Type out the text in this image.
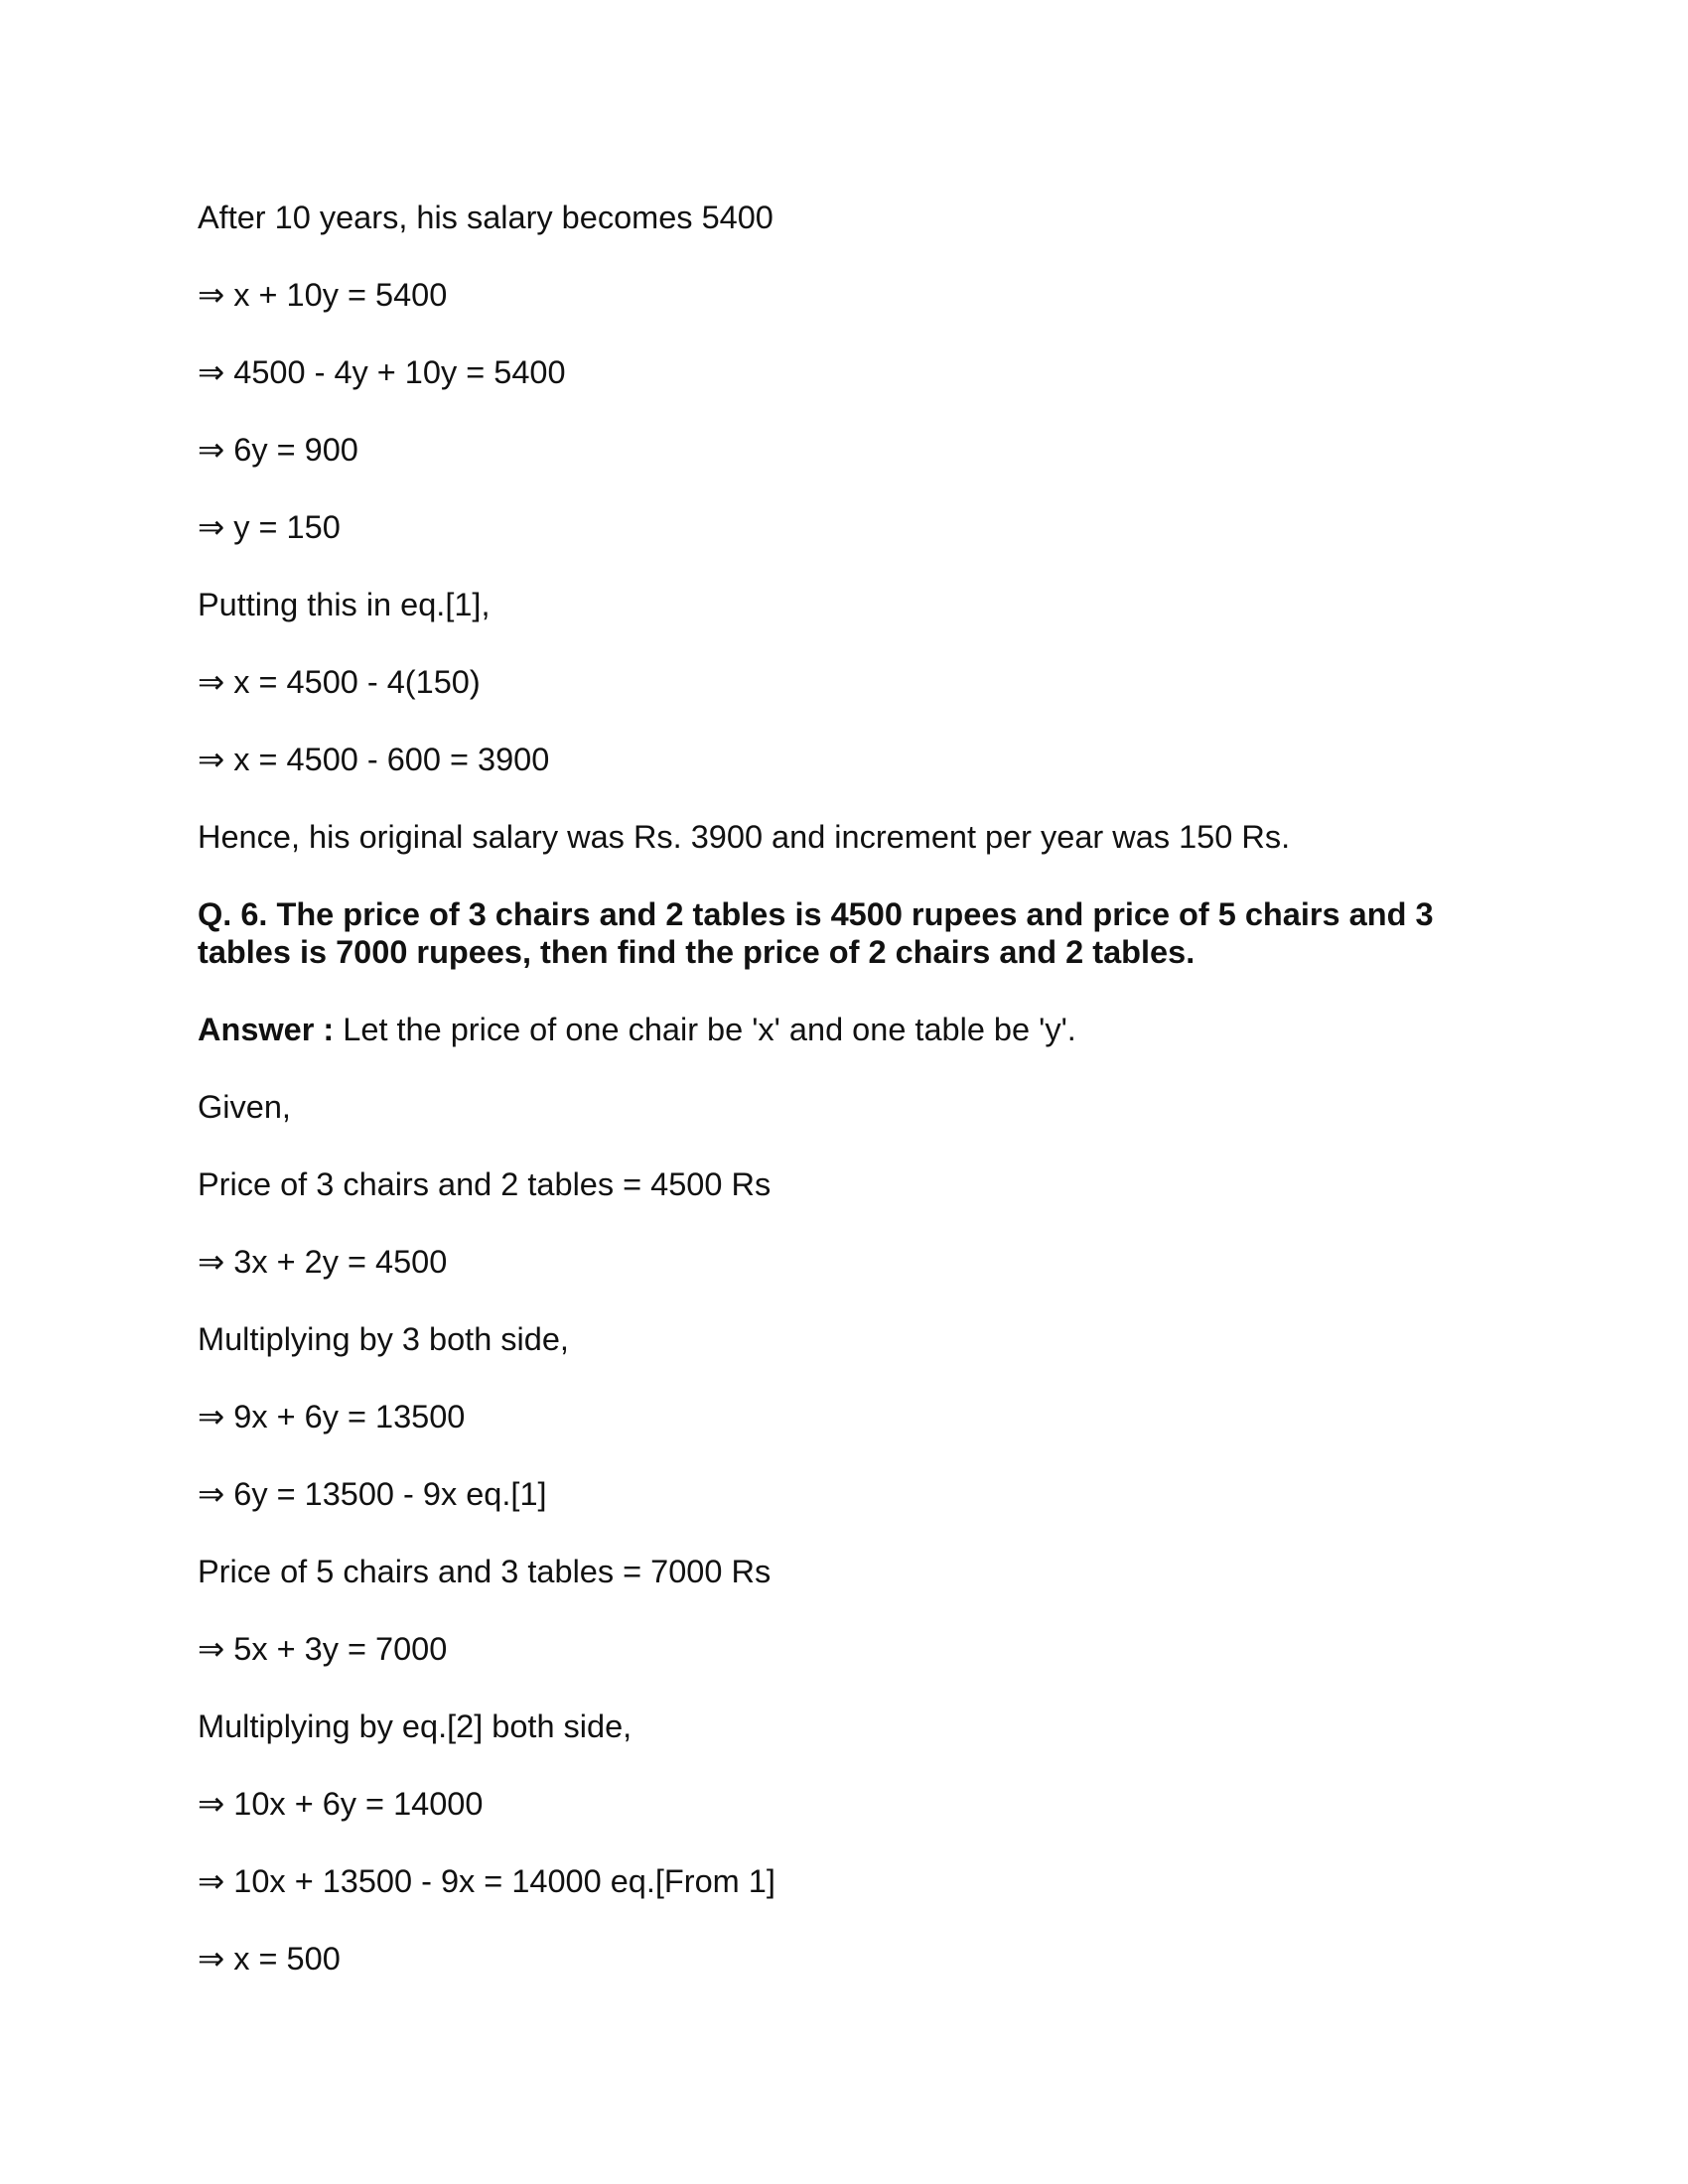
After 10 years, his salary becomes 5400

⇒ x + 10y = 5400

⇒ 4500 - 4y + 10y = 5400

⇒ 6y = 900

⇒ y = 150

Putting this in eq.[1],

⇒ x = 4500 - 4(150)

⇒ x = 4500 - 600 = 3900

Hence, his original salary was Rs. 3900 and increment per year was 150 Rs.

Q. 6. The price of 3 chairs and 2 tables is 4500 rupees and price of 5 chairs and 3 tables is 7000 rupees, then find the price of 2 chairs and 2 tables.

Answer : Let the price of one chair be 'x' and one table be 'y'.

Given,

Price of 3 chairs and 2 tables = 4500 Rs

⇒ 3x + 2y = 4500

Multiplying by 3 both side,

⇒ 9x + 6y = 13500

⇒ 6y = 13500 - 9x eq.[1]

Price of 5 chairs and 3 tables = 7000 Rs

⇒ 5x + 3y = 7000

Multiplying by eq.[2] both side,

⇒ 10x + 6y = 14000

⇒ 10x + 13500 - 9x = 14000 eq.[From 1]

⇒ x = 500
